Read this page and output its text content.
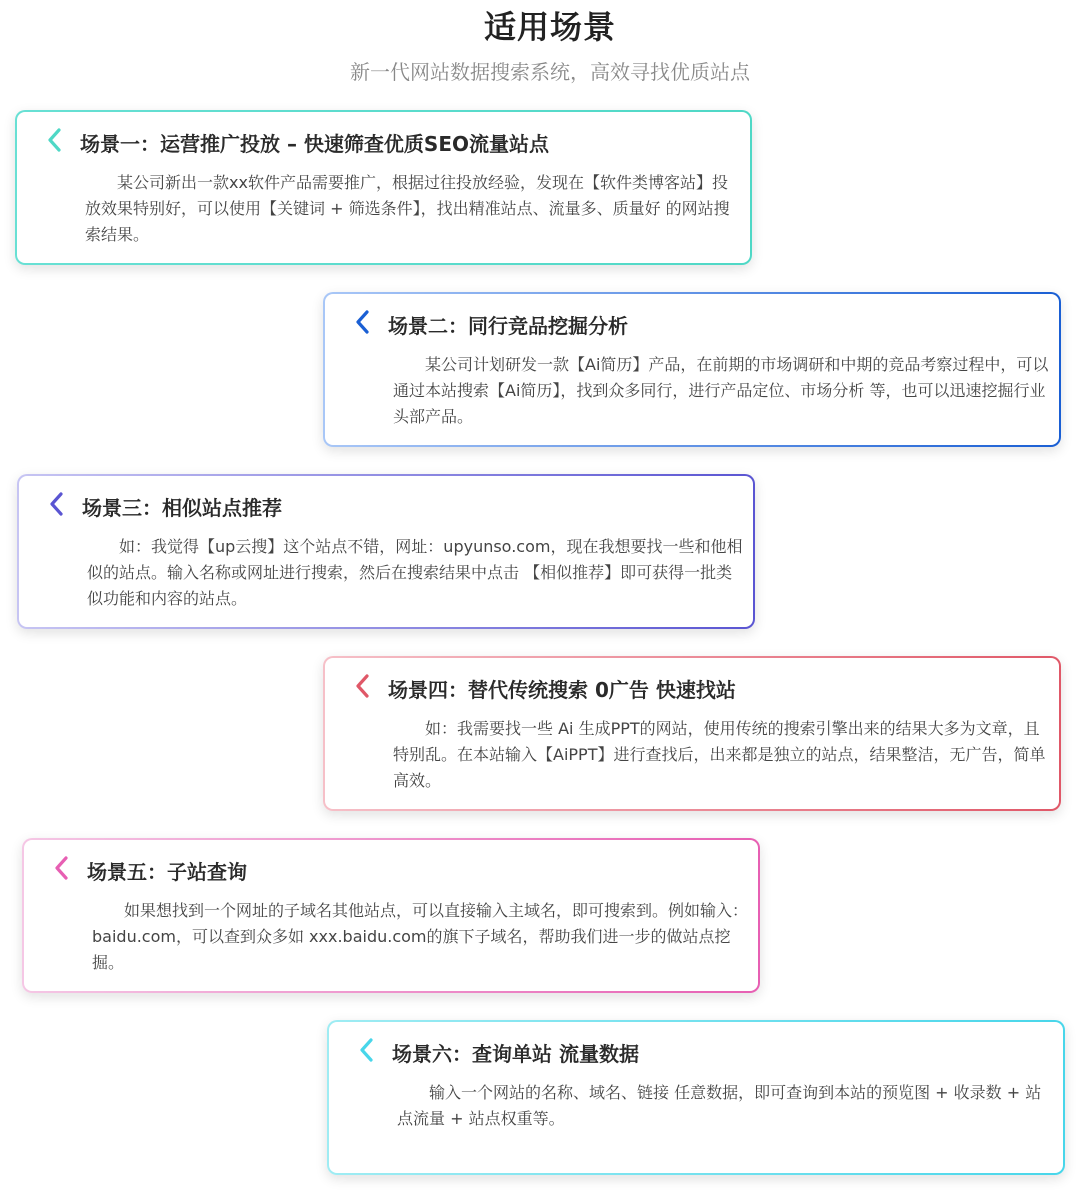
适用场景
新一代网站数据搜索系统，高效寻找优质站点
场景一：运营推广投放 – 快速筛查优质SEO流量站点
某公司新出一款xx软件产品需要推广，根据过往投放经验，发现在【软件类博客站】投放效果特别好，可以使用【关键词 + 筛选条件】，找出精准站点、流量多、质量好 的网站搜索结果。
场景二：同行竞品挖掘分析
某公司计划研发一款【Ai简历】产品，在前期的市场调研和中期的竞品考察过程中，可以通过本站搜索【Ai简历】，找到众多同行，进行产品定位、市场分析 等，也可以迅速挖掘行业头部产品。
场景三：相似站点推荐
如：我觉得【up云搜】这个站点不错，网址：upyunso.com，现在我想要找一些和他相似的站点。输入名称或网址进行搜索，然后在搜索结果中点击 【相似推荐】即可获得一批类似功能和内容的站点。
场景四：替代传统搜索 0广告 快速找站
如：我需要找一些 Ai 生成PPT的网站，使用传统的搜索引擎出来的结果大多为文章，且特别乱。在本站输入【AiPPT】进行查找后，出来都是独立的站点，结果整洁，无广告，简单高效。
场景五：子站查询
如果想找到一个网址的子域名其他站点，可以直接输入主域名，即可搜索到。例如输入：baidu.com，可以查到众多如 xxx.baidu.com的旗下子域名，帮助我们进一步的做站点挖掘。
场景六：查询单站 流量数据
输入一个网站的名称、域名、链接 任意数据，即可查询到本站的预览图 + 收录数 + 站点流量 + 站点权重等。
